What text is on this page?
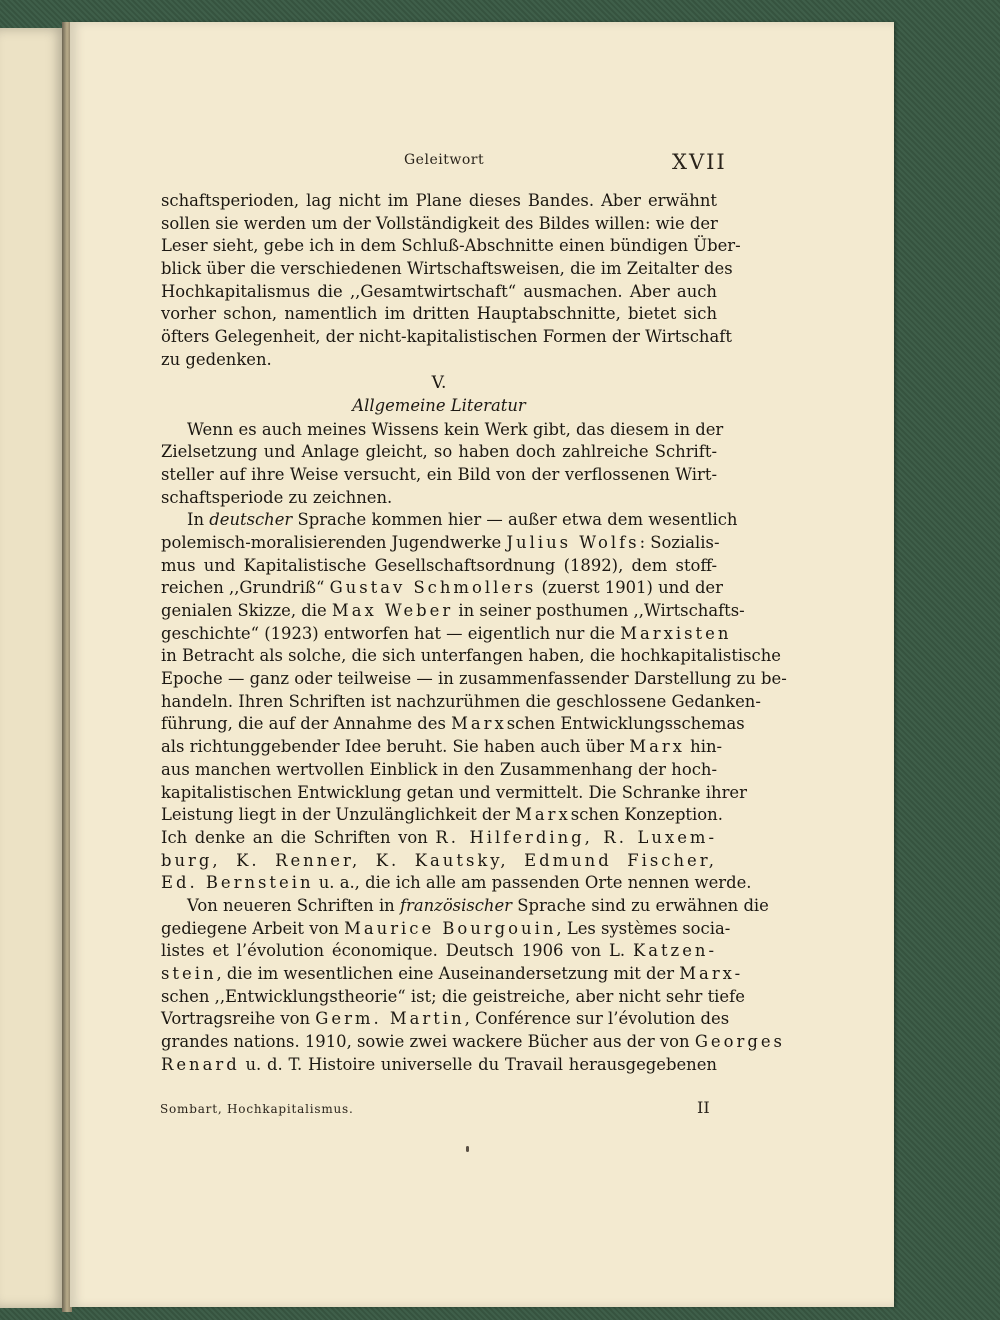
Geleitwort	XVII
schaftsperioden, lag nicht im Plane dieses Bandes. Aber erwähnt
sollen sie werden um der Vollständigkeit des Bildes willen: wie der
Leser sieht, gebe ich in dem Schluß-Abschnitte einen bündigen Über-
blick über die verschiedenen Wirtschaftsweisen, die im Zeitalter des
Hochkapitalismus die ,,Gesamtwirtschaft“ ausmachen. Aber auch
vorher schon, namentlich im dritten Hauptabschnitte, bietet sich
öfters Gelegenheit, der nicht-kapitalistischen Formen der Wirtschaft
zu gedenken.
V.
Allgemeine Literatur
Wenn es auch meines Wissens kein Werk gibt, das diesem in der
Zielsetzung und Anlage gleicht, so haben doch zahlreiche Schrift-
steller auf ihre Weise versucht, ein Bild von der verflossenen Wirt-
schaftsperiode zu zeichnen.
In deutscher Sprache kommen hier — außer etwa dem wesentlich
polemisch-moralisierenden Jugendwerke Julius Wolfs: Sozialis-
mus und Kapitalistische Gesellschaftsordnung (1892), dem stoff-
reichen ,,Grundriß“ Gustav Schmollers (zuerst 1901) und der
genialen Skizze, die Max Weber in seiner posthumen ,,Wirtschafts-
geschichte“ (1923) entworfen hat — eigentlich nur die Marxisten
in Betracht als solche, die sich unterfangen haben, die hochkapitalistische
Epoche — ganz oder teilweise — in zusammenfassender Darstellung zu be-
handeln. Ihren Schriften ist nachzurühmen die geschlossene Gedanken-
führung, die auf der Annahme des Marxschen Entwicklungsschemas
als richtunggebender Idee beruht. Sie haben auch über Marx hin-
aus manchen wertvollen Einblick in den Zusammenhang der hoch-
kapitalistischen Entwicklung getan und vermittelt. Die Schranke ihrer
Leistung liegt in der Unzulänglichkeit der Marxschen Konzeption.
Ich denke an die Schriften von R. Hilferding, R. Luxem-
burg, K. Renner, K. Kautsky, Edmund Fischer,
Ed. Bernstein u. a., die ich alle am passenden Orte nennen werde.
Von neueren Schriften in französischer Sprache sind zu erwähnen die
gediegene Arbeit von Maurice Bourgouin, Les systèmes socia-
listes et l’évolution économique. Deutsch 1906 von L. Katzen-
stein, die im wesentlichen eine Auseinandersetzung mit der Marx-
schen ,,Entwicklungstheorie“ ist; die geistreiche, aber nicht sehr tiefe
Vortragsreihe von Germ. Martin, Conférence sur l’évolution des
grandes nations. 1910, sowie zwei wackere Bücher aus der von Georges
Renard u. d. T. Histoire universelle du Travail herausgegebenen
Sombart, Hochkapitalismus.	II
